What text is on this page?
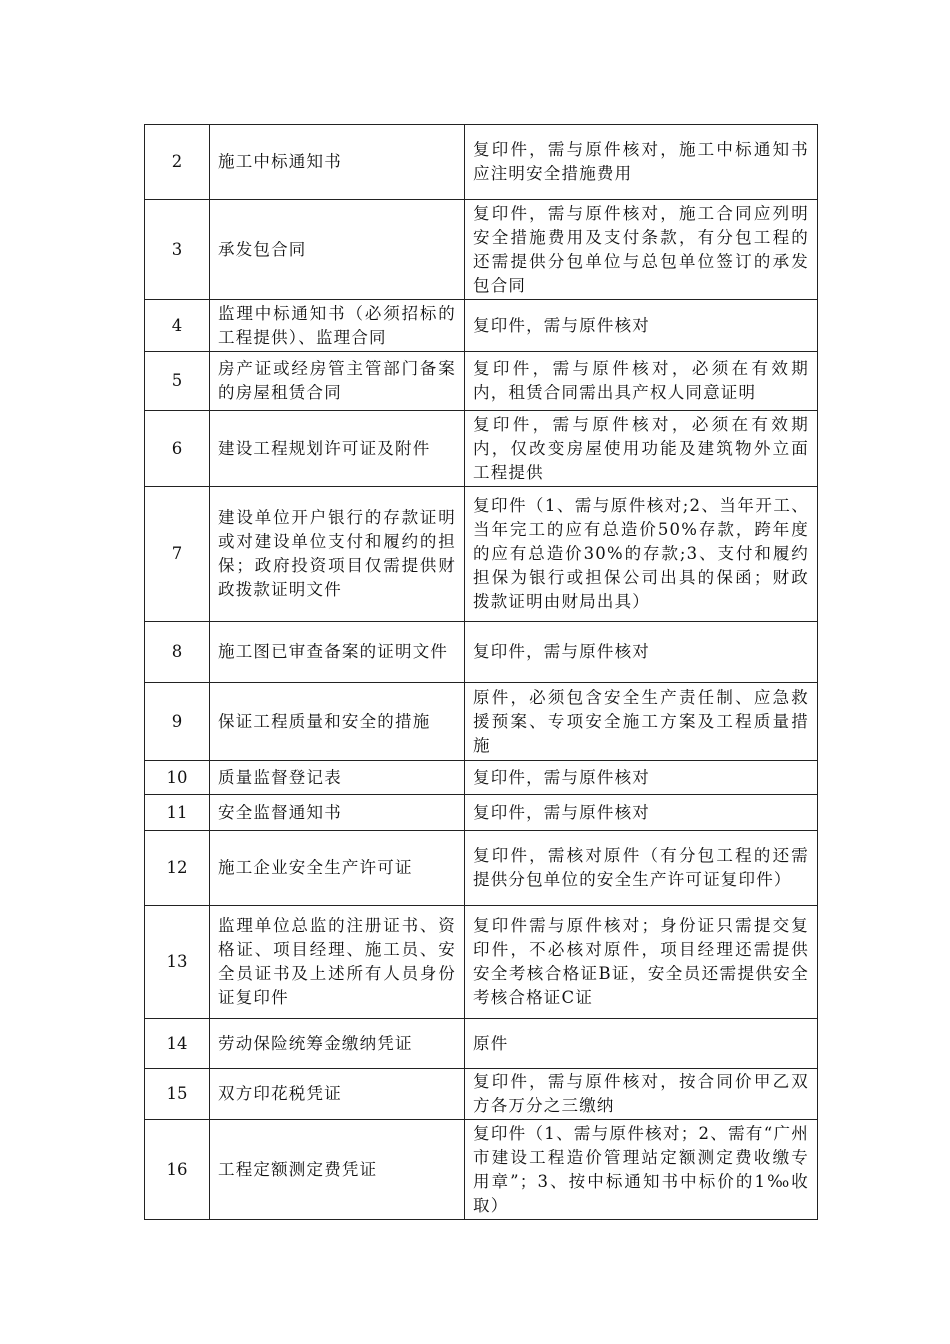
2	施工中标通知书	复印件，需与原件核对，施工中标通知书应注明安全措施费用
3	承发包合同	复印件，需与原件核对，施工合同应列明安全措施费用及支付条款，有分包工程的还需提供分包单位与总包单位签订的承发包合同
4	监理中标通知书（必须招标的工程提供）、监理合同	复印件，需与原件核对
5	房产证或经房管主管部门备案的房屋租赁合同	复印件，需与原件核对，必须在有效期内，租赁合同需出具产权人同意证明
6	建设工程规划许可证及附件	复印件，需与原件核对，必须在有效期内，仅改变房屋使用功能及建筑物外立面工程提供
7	建设单位开户银行的存款证明或对建设单位支付和履约的担保；政府投资项目仅需提供财政拨款证明文件	复印件（1、需与原件核对;2、当年开工、当年完工的应有总造价50%存款，跨年度的应有总造价30%的存款;3、支付和履约担保为银行或担保公司出具的保函；财政拨款证明由财局出具）
8	施工图已审查备案的证明文件	复印件，需与原件核对
9	保证工程质量和安全的措施	原件，必须包含安全生产责任制、应急救援预案、专项安全施工方案及工程质量措施
10	质量监督登记表	复印件，需与原件核对
11	安全监督通知书	复印件，需与原件核对
12	施工企业安全生产许可证	复印件，需核对原件（有分包工程的还需提供分包单位的安全生产许可证复印件）
13	监理单位总监的注册证书、资格证、项目经理、施工员、安全员证书及上述所有人员身份证复印件	复印件需与原件核对；身份证只需提交复印件，不必核对原件，项目经理还需提供安全考核合格证B证，安全员还需提供安全考核合格证C证
14	劳动保险统筹金缴纳凭证	原件
15	双方印花税凭证	复印件，需与原件核对，按合同价甲乙双方各万分之三缴纳
16	工程定额测定费凭证	复印件（1、需与原件核对；2、需有“广州市建设工程造价管理站定额测定费收缴专用章”；3、按中标通知书中标价的1‰收取）
